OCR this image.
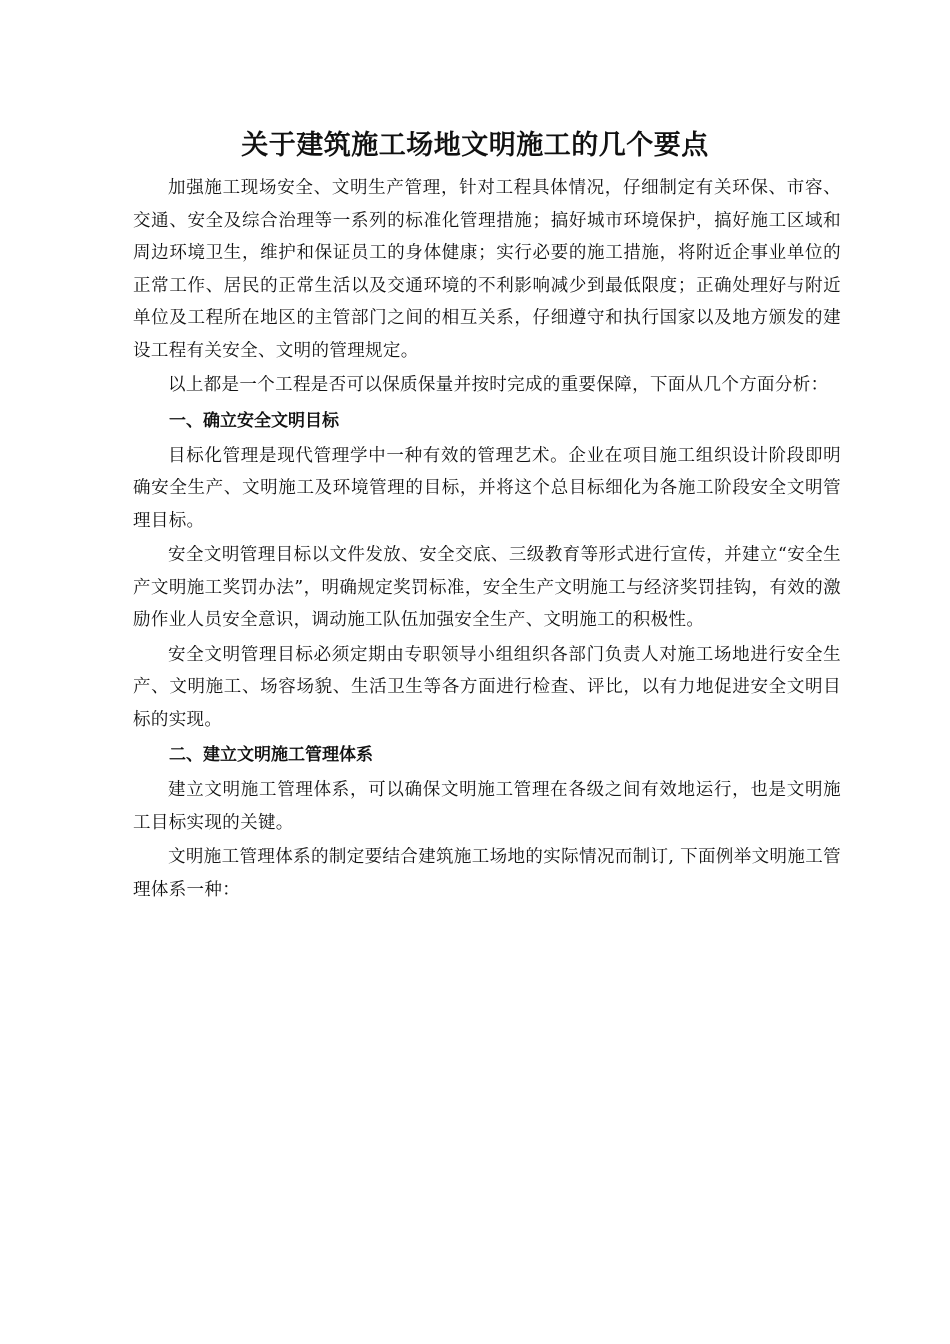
关于建筑施工场地文明施工的几个要点

加强施工现场安全、文明生产管理，针对工程具体情况，仔细制定有关环保、市容、交通、安全及综合治理等一系列的标准化管理措施；搞好城市环境保护，搞好施工区域和周边环境卫生，维护和保证员工的身体健康；实行必要的施工措施，将附近企事业单位的正常工作、居民的正常生活以及交通环境的不利影响减少到最低限度；正确处理好与附近单位及工程所在地区的主管部门之间的相互关系，仔细遵守和执行国家以及地方颁发的建设工程有关安全、文明的管理规定。

以上都是一个工程是否可以保质保量并按时完成的重要保障，下面从几个方面分析：

一、确立安全文明目标

目标化管理是现代管理学中一种有效的管理艺术。企业在项目施工组织设计阶段即明确安全生产、文明施工及环境管理的目标，并将这个总目标细化为各施工阶段安全文明管理目标。

安全文明管理目标以文件发放、安全交底、三级教育等形式进行宣传，并建立“安全生产文明施工奖罚办法”，明确规定奖罚标准，安全生产文明施工与经济奖罚挂钩，有效的激励作业人员安全意识，调动施工队伍加强安全生产、文明施工的积极性。

安全文明管理目标必须定期由专职领导小组组织各部门负责人对施工场地进行安全生产、文明施工、场容场貌、生活卫生等各方面进行检查、评比，以有力地促进安全文明目标的实现。

二、建立文明施工管理体系

建立文明施工管理体系，可以确保文明施工管理在各级之间有效地运行，也是文明施工目标实现的关键。

文明施工管理体系的制定要结合建筑施工场地的实际情况而制订, 下面例举文明施工管理体系一种：
